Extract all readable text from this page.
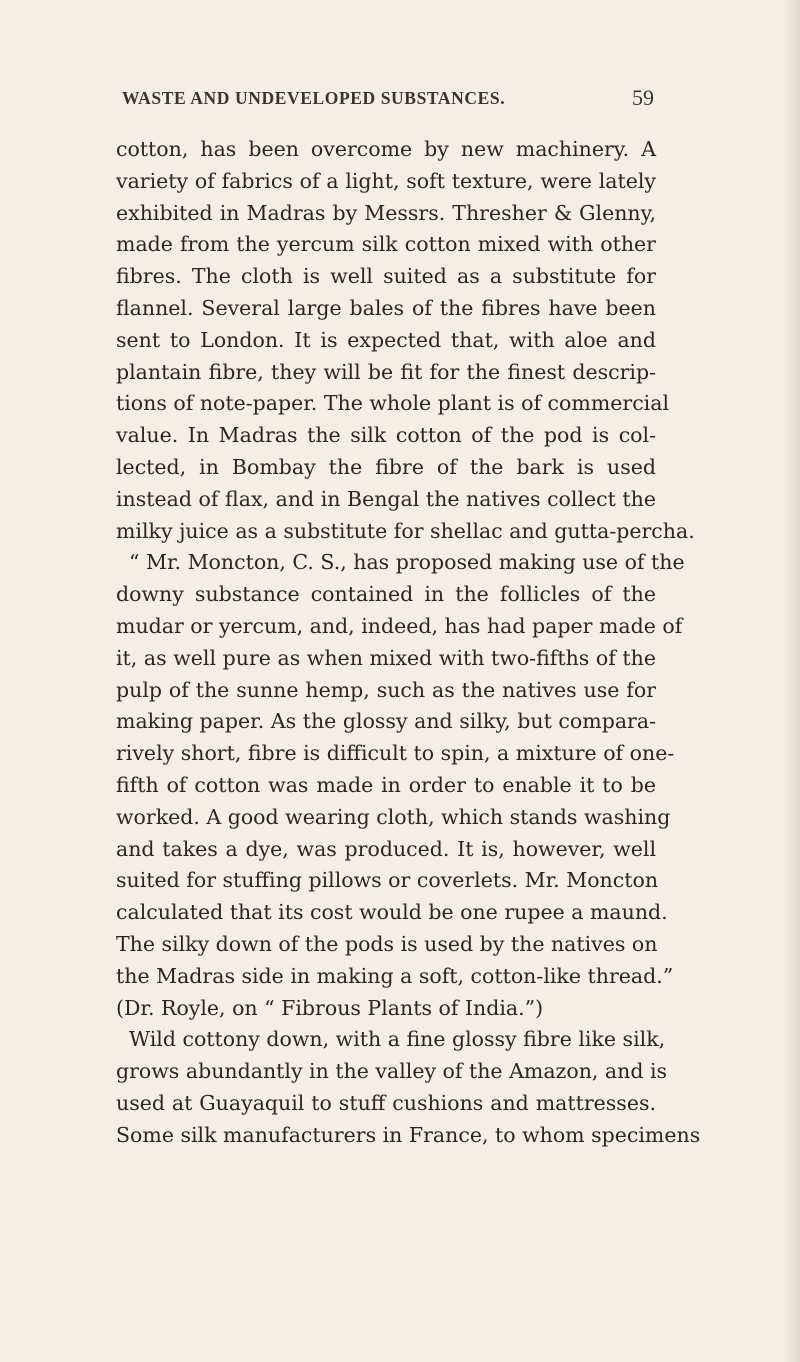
WASTE AND UNDEVELOPED SUBSTANCES.	59
cotton, has been overcome by new machinery. A
variety of fabrics of a light, soft texture, were lately
exhibited in Madras by Messrs. Thresher & Glenny,
made from the yercum silk cotton mixed with other
fibres. The cloth is well suited as a substitute for
flannel. Several large bales of the fibres have been
sent to London. It is expected that, with aloe and
plantain fibre, they will be fit for the finest descrip-
tions of note-paper. The whole plant is of commercial
value. In Madras the silk cotton of the pod is col-
lected, in Bombay the fibre of the bark is used
instead of flax, and in Bengal the natives collect the
milky juice as a substitute for shellac and gutta-percha.
“ Mr. Moncton, C. S., has proposed making use of the
downy substance contained in the follicles of the
mudar or yercum, and, indeed, has had paper made of
it, as well pure as when mixed with two-fifths of the
pulp of the sunne hemp, such as the natives use for
making paper. As the glossy and silky, but compara-
rively short, fibre is difficult to spin, a mixture of one-
fifth of cotton was made in order to enable it to be
worked. A good wearing cloth, which stands washing
and takes a dye, was produced. It is, however, well
suited for stuffing pillows or coverlets. Mr. Moncton
calculated that its cost would be one rupee a maund.
The silky down of the pods is used by the natives on
the Madras side in making a soft, cotton-like thread.”
(Dr. Royle, on “ Fibrous Plants of India.”)
Wild cottony down, with a fine glossy fibre like silk,
grows abundantly in the valley of the Amazon, and is
used at Guayaquil to stuff cushions and mattresses.
Some silk manufacturers in France, to whom specimens
